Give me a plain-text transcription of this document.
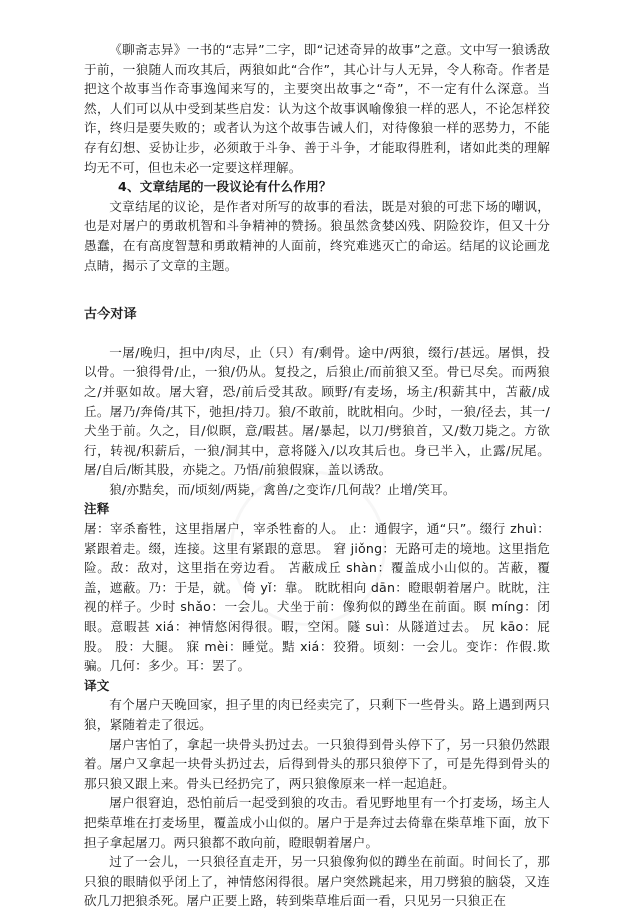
《聊斋志异》一书的“志异”二字，即“记述奇异的故事”之意。文中写一狼诱敌于前，一狼随人而攻其后，两狼如此“合作”，其心计与人无异，令人称奇。作者是把这个故事当作奇事逸闻来写的，主要突出故事之“奇”，不一定有什么深意。当然，人们可以从中受到某些启发：认为这个故事讽喻像狼一样的恶人，不论怎样狡诈，终归是要失败的；或者认为这个故事告诫人们，对待像狼一样的恶势力，不能存有幻想、妥协让步，必须敢于斗争、善于斗争，才能取得胜利，诸如此类的理解均无不可，但也未必一定要这样理解。

4、文章结尾的一段议论有什么作用？

文章结尾的议论，是作者对所写的故事的看法，既是对狼的可悲下场的嘲讽，也是对屠户的勇敢机智和斗争精神的赞扬。狼虽然贪婪凶残、阴险狡诈，但又十分愚蠢，在有高度智慧和勇敢精神的人面前，终究难逃灭亡的命运。结尾的议论画龙点睛，揭示了文章的主题。

古今对译

一屠/晚归，担中/肉尽，止（只）有/剩骨。途中/两狼，缀行/甚远。屠惧，投以骨。一狼得骨/止，一狼/仍从。复投之，后狼止/而前狼又至。骨已尽矣。而两狼之/并驱如故。屠大窘，恐/前后受其敌。顾野/有麦场，场主/积薪其中，苫蔽/成丘。屠乃/奔倚/其下，弛担/持刀。狼/不敢前，眈眈相向。少时，一狼/径去，其一/犬坐于前。久之，目/似瞑，意/暇甚。屠/暴起，以刀/劈狼首，又/数刀毙之。方欲行，转视/积薪后，一狼/洞其中，意将隧入/以攻其后也。身已半入，止露/尻尾。屠/自后/断其股，亦毙之。乃悟/前狼假寐，盖以诱敌。

狼/亦黠矣，而/顷刻/两毙，禽兽/之变诈/几何哉？止增/笑耳。

注释

屠：宰杀畜牲，这里指屠户，宰杀牲畜的人。 止：通假字，通“只”。缀行 zhuì：紧跟着走。缀，连接。这里有紧跟的意思。 窘 jiǒng：无路可走的境地。这里指危险。敌：敌对，这里指在旁边看。 苫蔽成丘 shàn：覆盖成小山似的。苫蔽，覆盖，遮蔽。乃：于是，就。 倚 yǐ：靠。 眈眈相向 dān：瞪眼朝着屠户。眈眈，注视的样子。少时 shǎo：一会儿。犬坐于前：像狗似的蹲坐在前面。瞑 míng：闭眼。意暇甚 xiá：神情悠闲得很。暇，空闲。隧 suì：从隧道过去。 尻 kāo：屁股。 股：大腿。 寐 mèi：睡觉。黠 xiá：狡猾。顷刻：一会儿。变诈：作假.欺骗。几何：多少。耳：罢了。

译文

有个屠户天晚回家，担子里的肉已经卖完了，只剩下一些骨头。路上遇到两只狼，紧随着走了很远。

屠户害怕了，拿起一块骨头扔过去。一只狼得到骨头停下了，另一只狼仍然跟着。屠户又拿起一块骨头扔过去，后得到骨头的那只狼停下了，可是先得到骨头的那只狼又跟上来。骨头已经扔完了，两只狼像原来一样一起追赶。

屠户很窘迫，恐怕前后一起受到狼的攻击。看见野地里有一个打麦场，场主人把柴草堆在打麦场里，覆盖成小山似的。屠户于是奔过去倚靠在柴草堆下面，放下担子拿起屠刀。两只狼都不敢向前，瞪眼朝着屠户。

过了一会儿，一只狼径直走开，另一只狼像狗似的蹲坐在前面。时间长了，那只狼的眼睛似乎闭上了，神情悠闲得很。屠户突然跳起来，用刀劈狼的脑袋，又连砍几刀把狼杀死。屠户正要上路，转到柴草堆后面一看，只见另一只狼正在
